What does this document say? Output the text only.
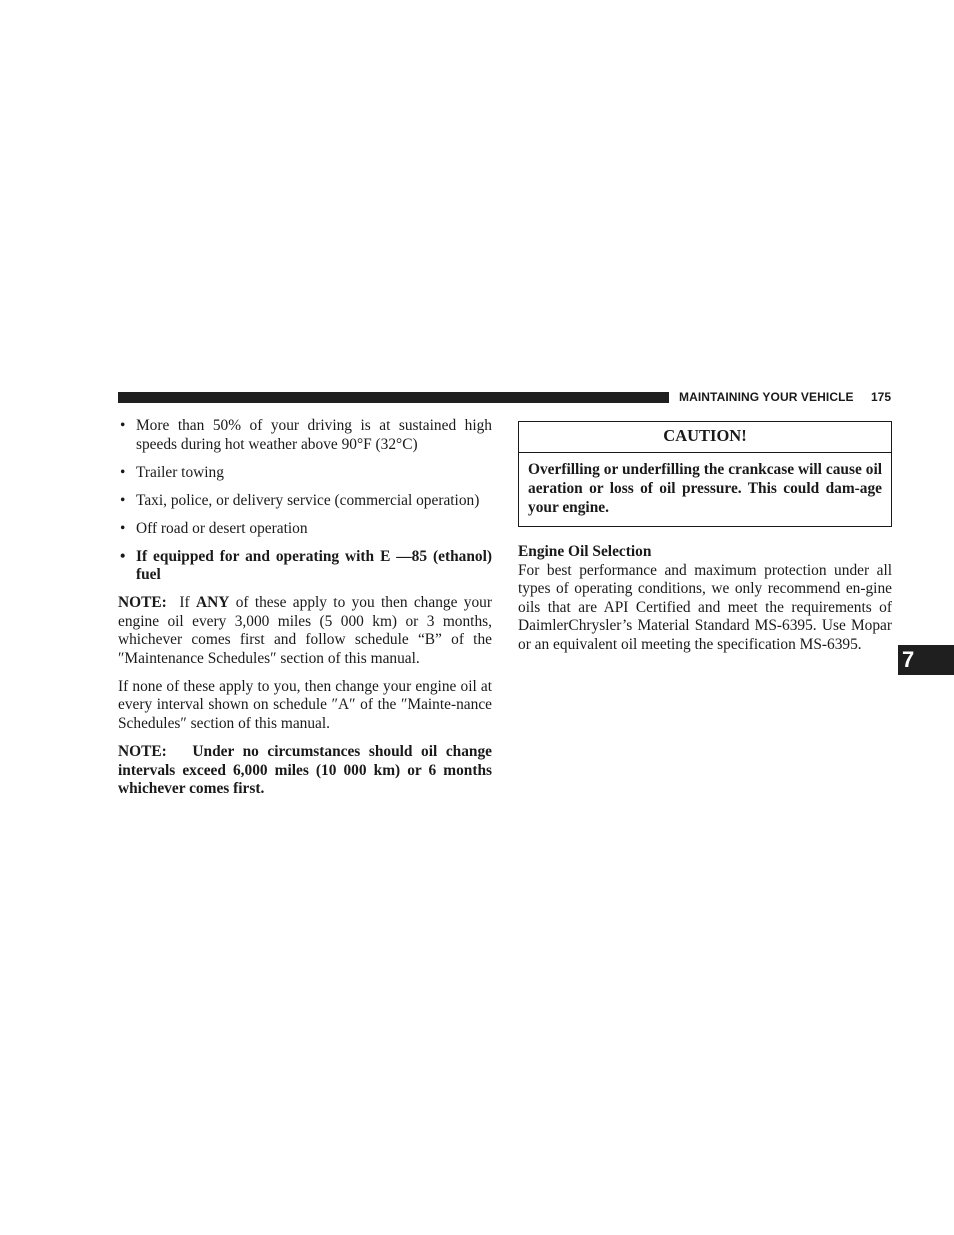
MAINTAINING YOUR VEHICLE 175
• More than 50% of your driving is at sustained high speeds during hot weather above 90°F (32°C)
• Trailer towing
• Taxi, police, or delivery service (commercial operation)
• Off road or desert operation
• If equipped for and operating with E —85 (ethanol) fuel

NOTE: If ANY of these apply to you then change your engine oil every 3,000 miles (5 000 km) or 3 months, whichever comes first and follow schedule “B” of the ″Maintenance Schedules″ section of this manual.

If none of these apply to you, then change your engine oil at every interval shown on schedule ″A″ of the ″Mainte-nance Schedules″ section of this manual.

NOTE: Under no circumstances should oil change intervals exceed 6,000 miles (10 000 km) or 6 months whichever comes first.

CAUTION!
Overfilling or underfilling the crankcase will cause oil aeration or loss of oil pressure. This could dam-age your engine.

Engine Oil Selection

For best performance and maximum protection under all types of operating conditions, we only recommend en-gine oils that are API Certified and meet the requirements of DaimlerChrysler’s Material Standard MS-6395. Use Mopar or an equivalent oil meeting the specification MS-6395.

7
